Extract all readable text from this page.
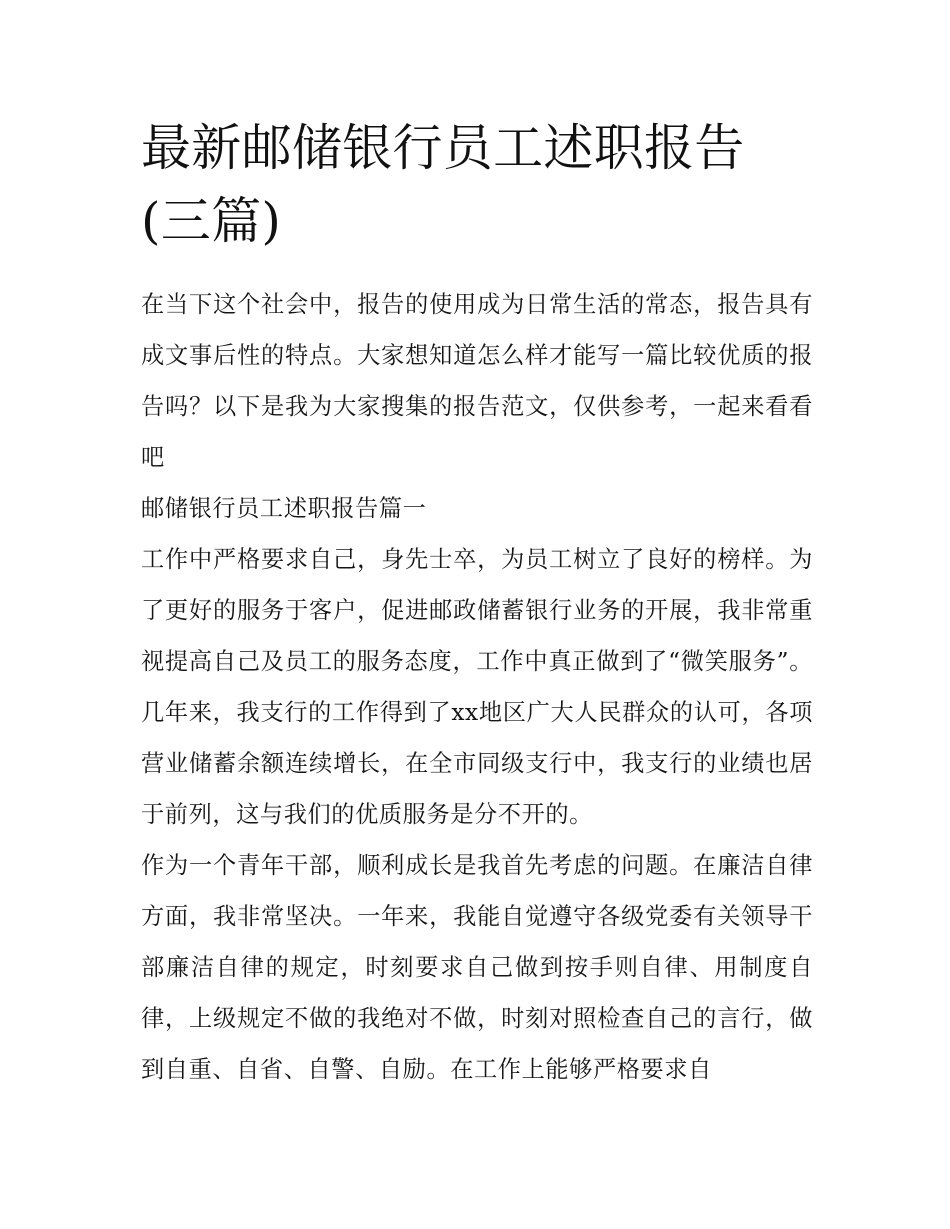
最新邮储银行员工述职报告(三篇)

在当下这个社会中，报告的使用成为日常生活的常态，报告具有成文事后性的特点。大家想知道怎么样才能写一篇比较优质的报告吗？以下是我为大家搜集的报告范文，仅供参考，一起来看看吧

邮储银行员工述职报告篇一

工作中严格要求自己，身先士卒，为员工树立了良好的榜样。为了更好的服务于客户，促进邮政储蓄银行业务的开展，我非常重视提高自己及员工的服务态度，工作中真正做到了“微笑服务”。几年来，我支行的工作得到了xx地区广大人民群众的认可，各项营业储蓄余额连续增长，在全市同级支行中，我支行的业绩也居于前列，这与我们的优质服务是分不开的。

作为一个青年干部，顺利成长是我首先考虑的问题。在廉洁自律方面，我非常坚决。一年来，我能自觉遵守各级党委有关领导干部廉洁自律的规定，时刻要求自己做到按手则自律、用制度自律，上级规定不做的我绝对不做，时刻对照检查自己的言行，做到自重、自省、自警、自励。在工作上能够严格要求自
